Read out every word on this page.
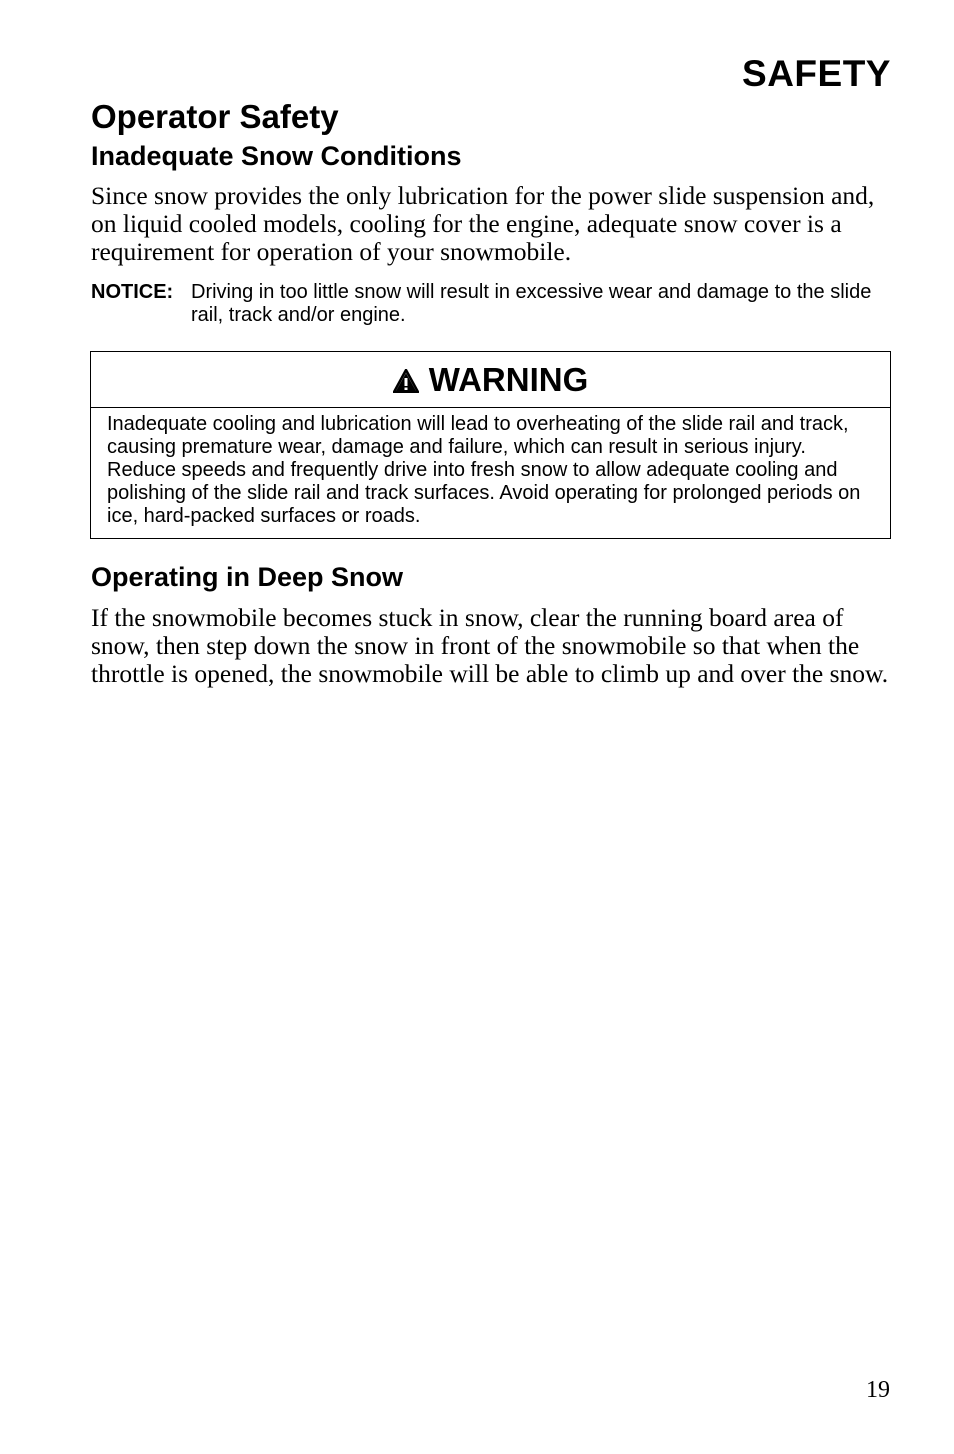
SAFETY
Operator Safety
Inadequate Snow Conditions

Since snow provides the only lubrication for the power slide suspension and, on liquid cooled models, cooling for the engine, adequate snow cover is a requirement for operation of your snowmobile.

NOTICE: Driving in too little snow will result in excessive wear and damage to the slide rail, track and/or engine.
WARNING
Inadequate cooling and lubrication will lead to overheating of the slide rail and track, causing premature wear, damage and failure, which can result in serious injury. Reduce speeds and frequently drive into fresh snow to allow adequate cooling and polishing of the slide rail and track surfaces. Avoid operating for prolonged periods on ice, hard-packed surfaces or roads.
Operating in Deep Snow

If the snowmobile becomes stuck in snow, clear the running board area of snow, then step down the snow in front of the snowmobile so that when the throttle is opened, the snowmobile will be able to climb up and over the snow.

19
